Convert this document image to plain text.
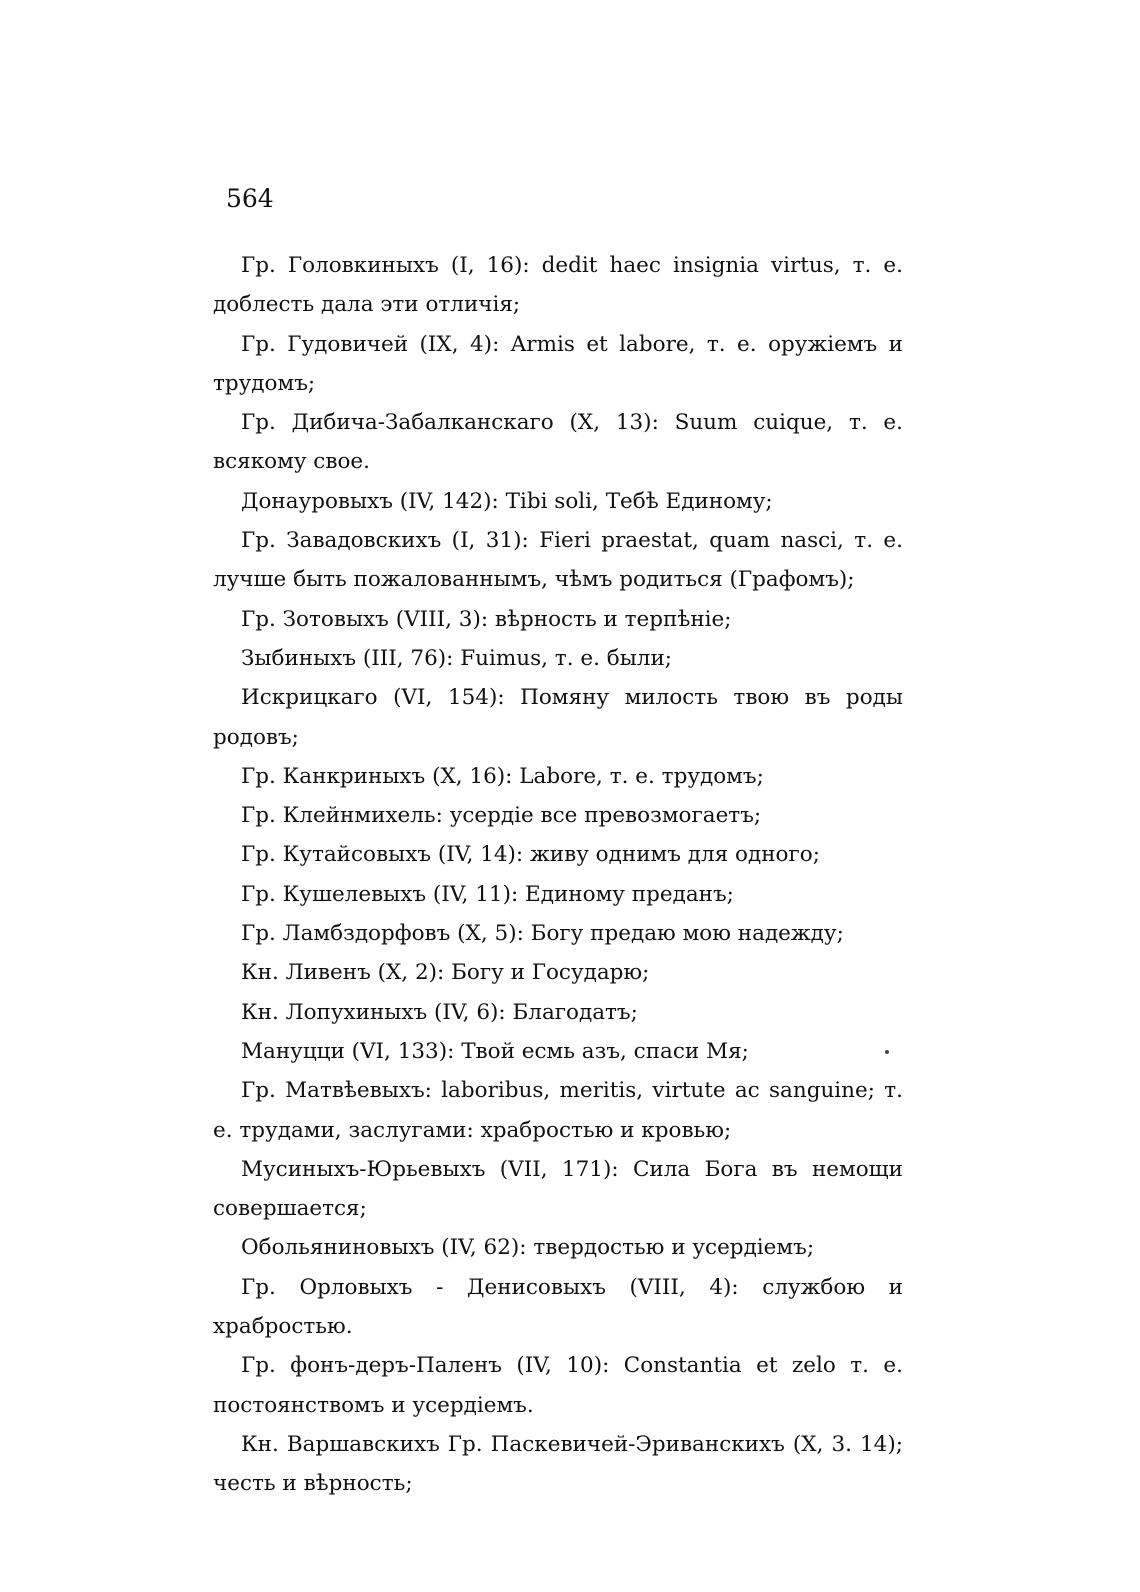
564

Гр. Головкиныхъ (I, 16): dedit haec insignia virtus, т. е. доблесть дала эти отличія;

Гр. Гудовичей (IX, 4): Armis et labore, т. е. оружіемъ и трудомъ;

Гр. Дибича-Забалканскаго (X, 13): Suum cuique, т. е. всякому свое.

Донауровыхъ (IV, 142): Tibi soli, Тебѣ Единому;

Гр. Завадовскихъ (I, 31): Fieri praestat, quam nasci, т. е. лучше быть пожалованнымъ, чѣмъ родиться (Графомъ);

Гр. Зотовыхъ (VIII, 3): вѣрность и терпѣніе;

Зыбиныхъ (III, 76): Fuimus, т. е. были;

Искрицкаго (VI, 154): Помяну милость твою въ роды родовъ;

Гр. Канкриныхъ (X, 16): Labore, т. е. трудомъ;

Гр. Клейнмихель: усердіе все превозмогаетъ;

Гр. Кутайсовыхъ (IV, 14): живу однимъ для одного;

Гр. Кушелевыхъ (IV, 11): Единому преданъ;

Гр. Ламбздорфовъ (X, 5): Богу предаю мою надежду;

Кн. Ливенъ (X, 2): Богу и Государю;

Кн. Лопухиныхъ (IV, 6): Благодатъ;

Мануцци (VI, 133): Твой есмь азъ, спаси Мя;

Гр. Матвѣевыхъ: laboribus, meritis, virtute ac sanguine; т. е. трудами, заслугами: храбростью и кровью;

Мусиныхъ-Юрьевыхъ (VII, 171): Сила Бога въ немощи совершается;

Обольяниновыхъ (IV, 62): твердостью и усердіемъ;

Гр. Орловыхъ - Денисовыхъ (VIII, 4): службою и храбростью.

Гр. фонъ-деръ-Паленъ (IV, 10): Constantia et zelo т. е. постоянствомъ и усердіемъ.

Кн. Варшавскихъ Гр. Паскевичей-Эриванскихъ (X, 3. 14); честь и вѣрность;
